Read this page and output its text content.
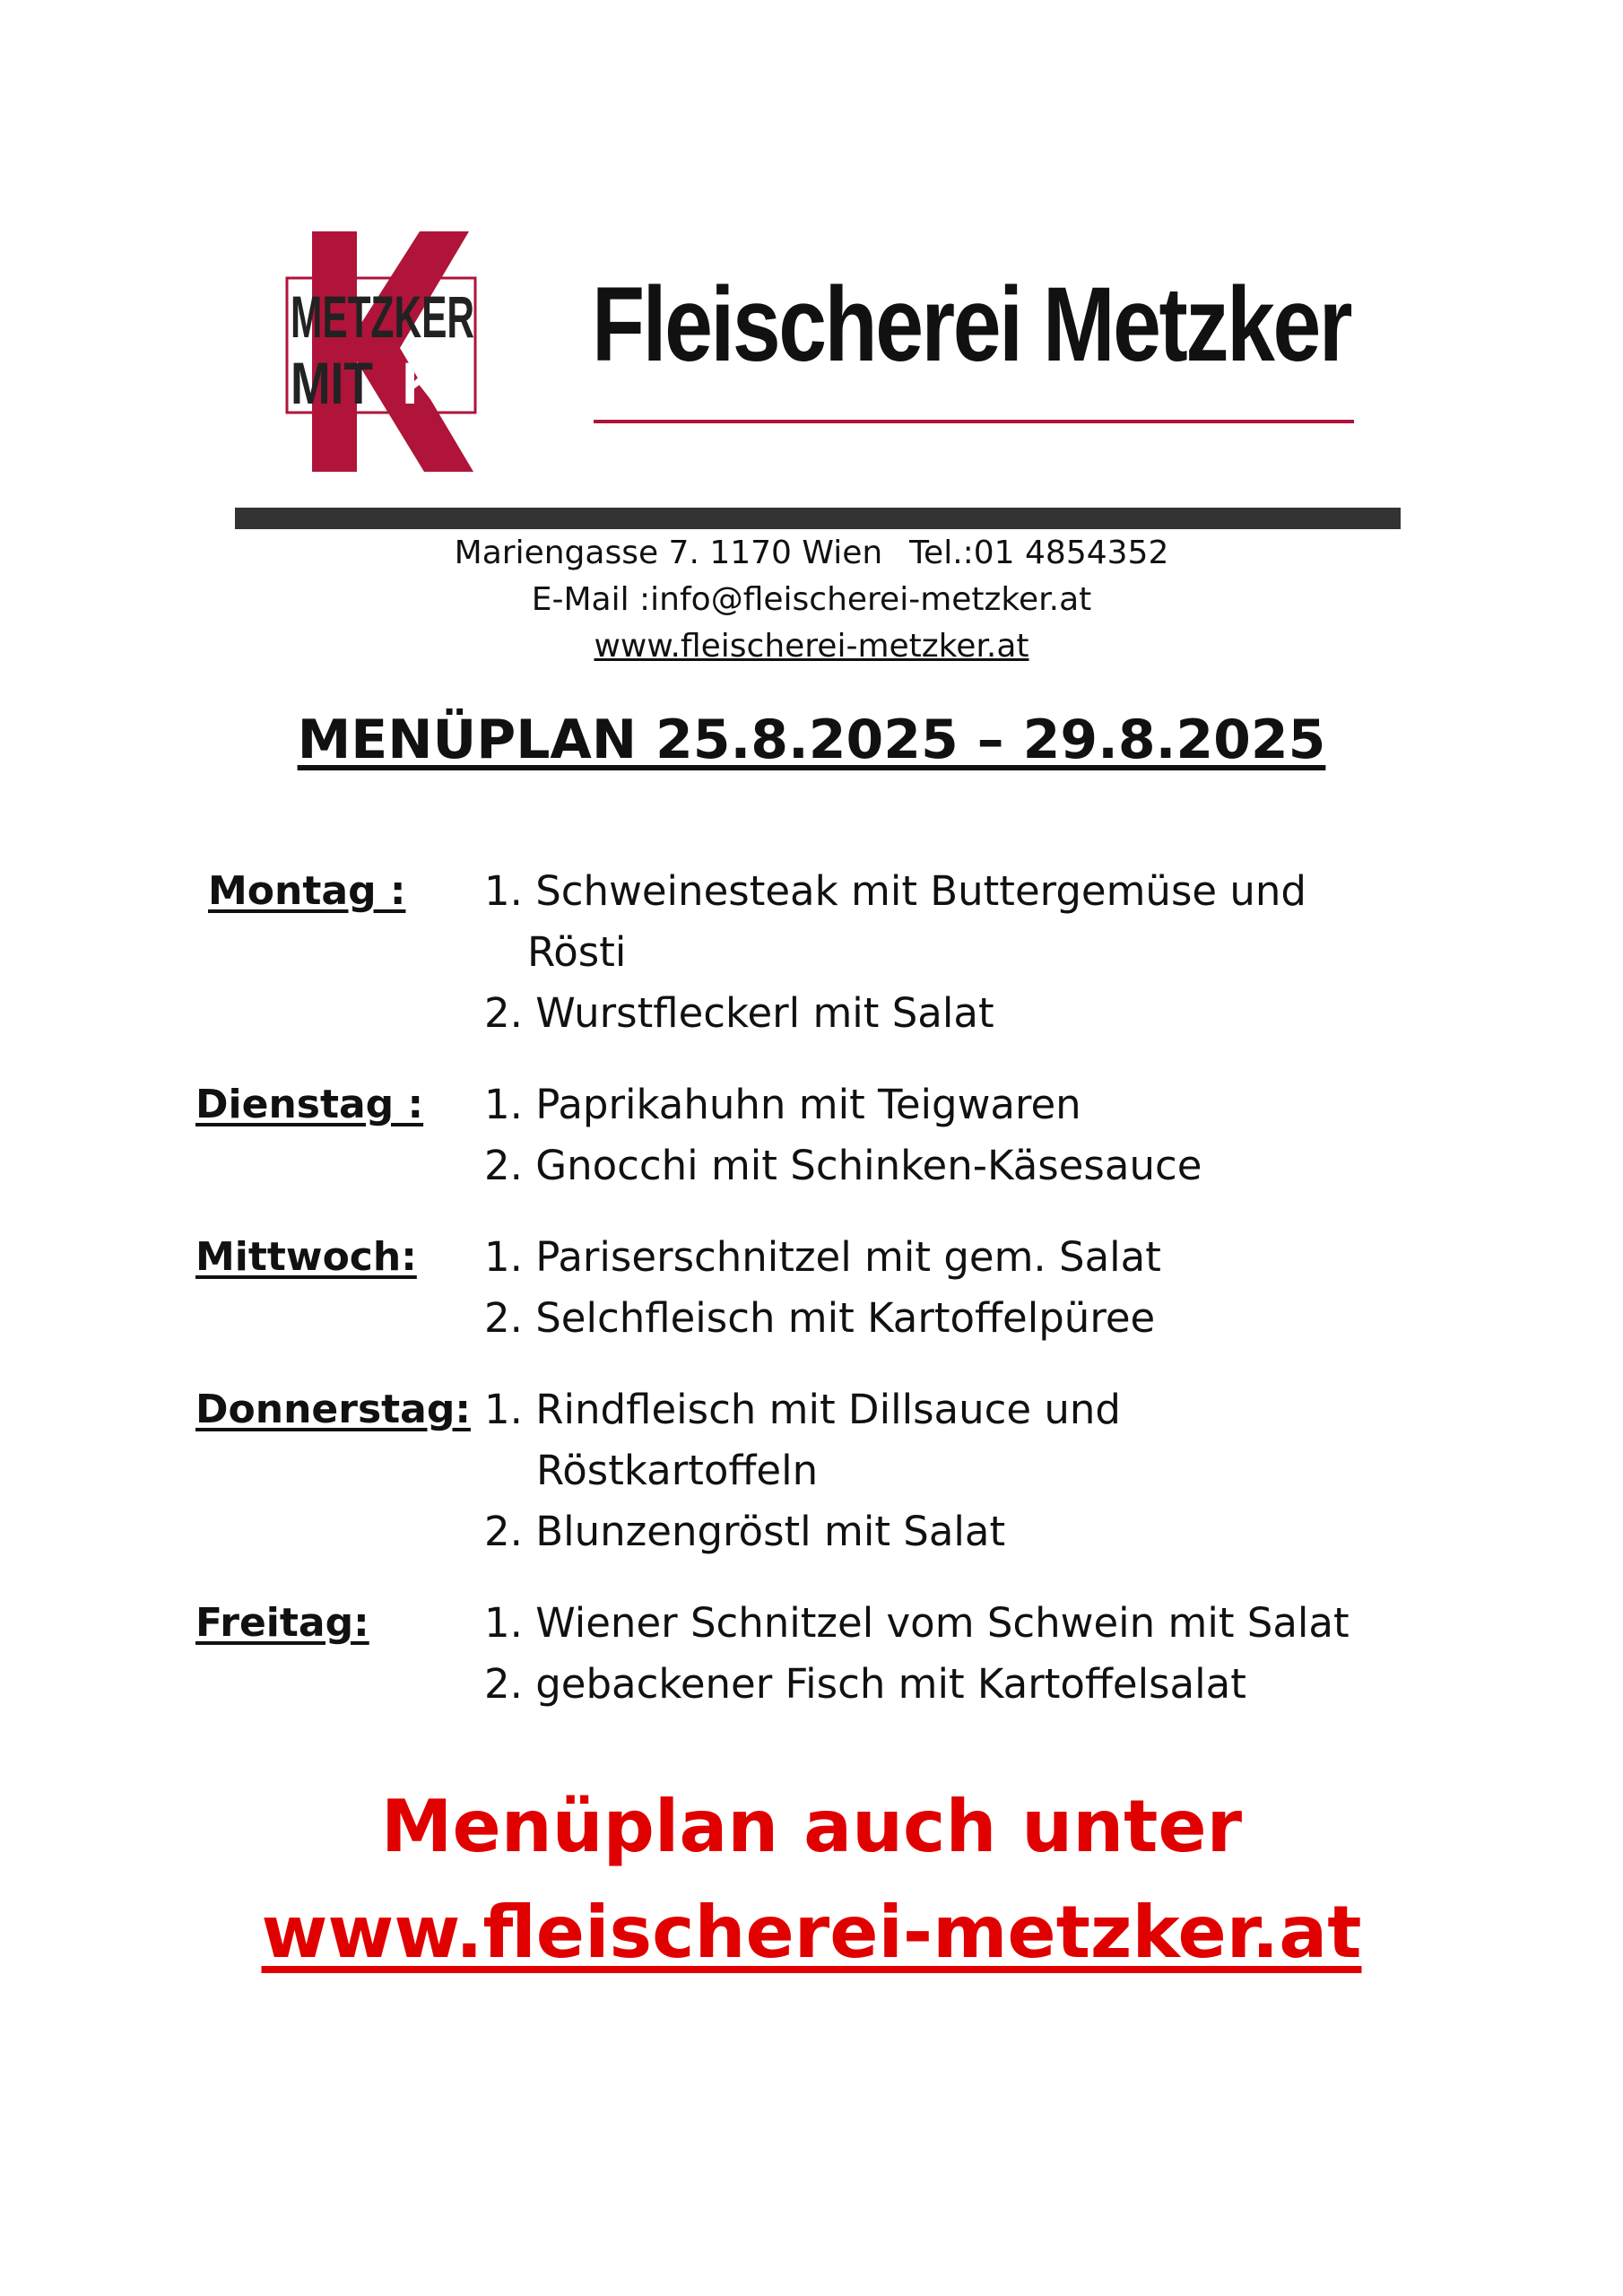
METZKER
MIT K Fleischerei Metzker
Mariengasse 7. 1170 Wien Tel.:01 4854352
E-Mail :info@fleischerei-metzker.at
www.fleischerei-metzker.at
MENÜPLAN 25.8.2025 – 29.8.2025
Montag : 1. Schweinesteak mit Buttergemüse und
Rösti
2. Wurstfleckerl mit Salat
Dienstag : 1. Paprikahuhn mit Teigwaren
2. Gnocchi mit Schinken-Käsesauce
Mittwoch: 1. Pariserschnitzel mit gem. Salat
2. Selchfleisch mit Kartoffelpüree
Donnerstag: 1. Rindfleisch mit Dillsauce und
Röstkartoffeln
2. Blunzengröstl mit Salat
Freitag:	1. Wiener Schnitzel vom Schwein mit Salat
2. gebackener Fisch mit Kartoffelsalat
Menüplan auch unter
www.fleischerei-metzker.at
